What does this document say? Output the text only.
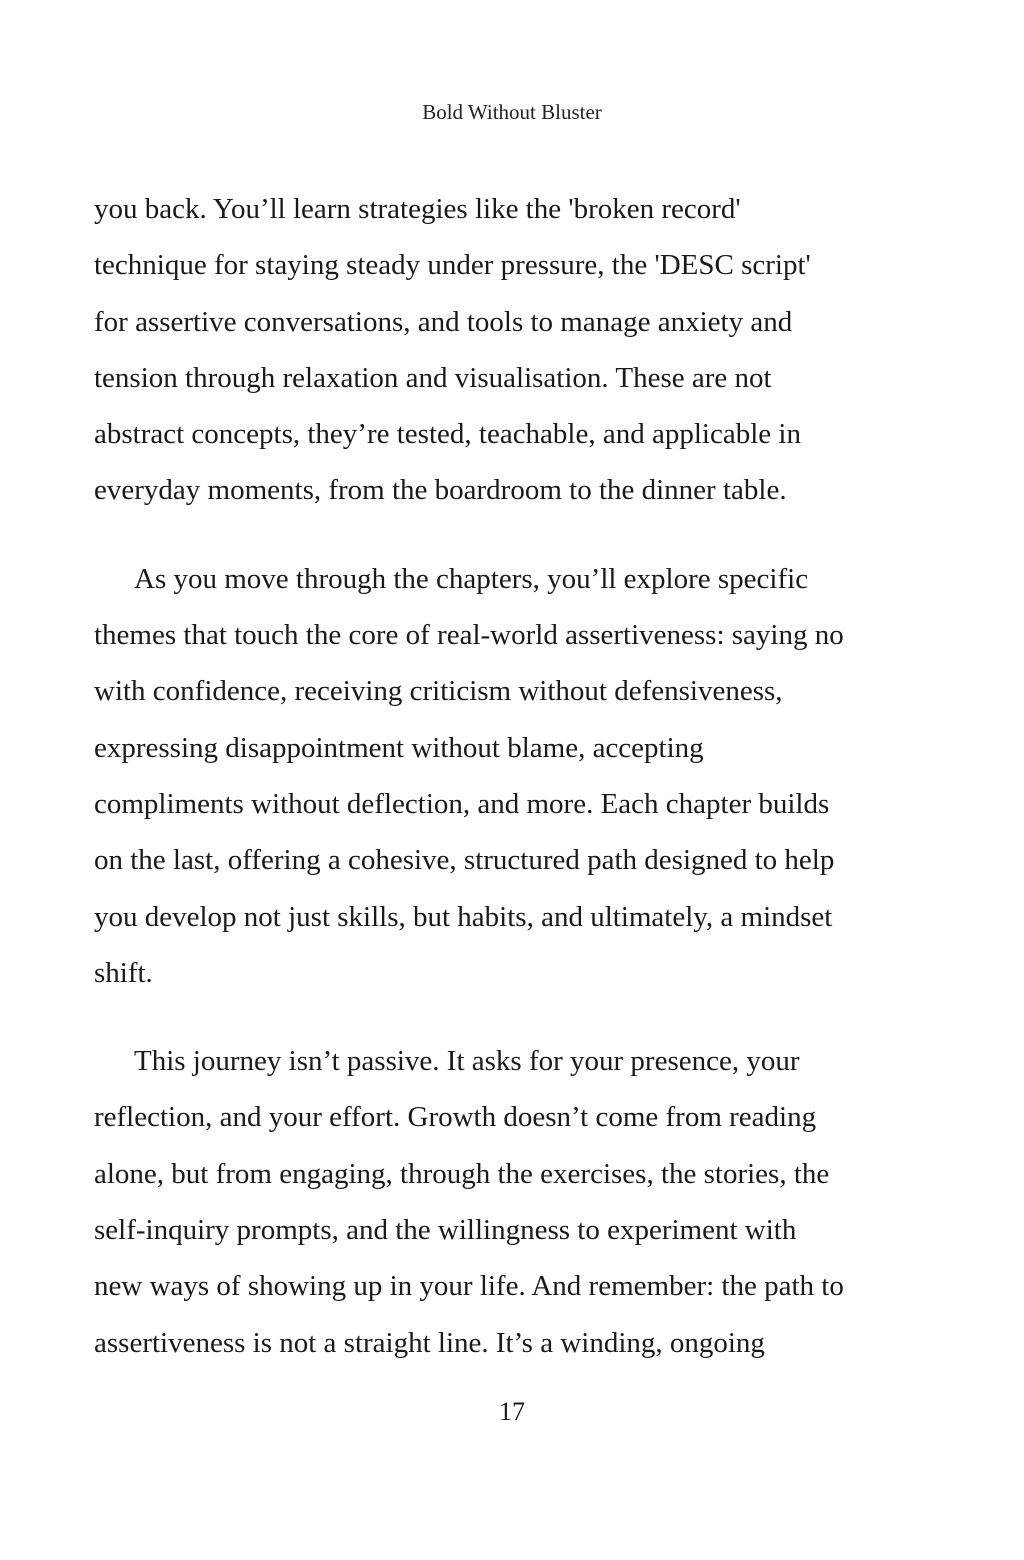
Bold Without Bluster
you back. You’ll learn strategies like the 'broken record'
technique for staying steady under pressure, the 'DESC script'
for assertive conversations, and tools to manage anxiety and
tension through relaxation and visualisation. These are not
abstract concepts, they’re tested, teachable, and applicable in
everyday moments, from the boardroom to the dinner table.
As you move through the chapters, you’ll explore specific
themes that touch the core of real-world assertiveness: saying no
with confidence, receiving criticism without defensiveness,
expressing disappointment without blame, accepting
compliments without deflection, and more. Each chapter builds
on the last, offering a cohesive, structured path designed to help
you develop not just skills, but habits, and ultimately, a mindset
shift.
This journey isn’t passive. It asks for your presence, your
reflection, and your effort. Growth doesn’t come from reading
alone, but from engaging, through the exercises, the stories, the
self-inquiry prompts, and the willingness to experiment with
new ways of showing up in your life. And remember: the path to
assertiveness is not a straight line. It’s a winding, ongoing
17
